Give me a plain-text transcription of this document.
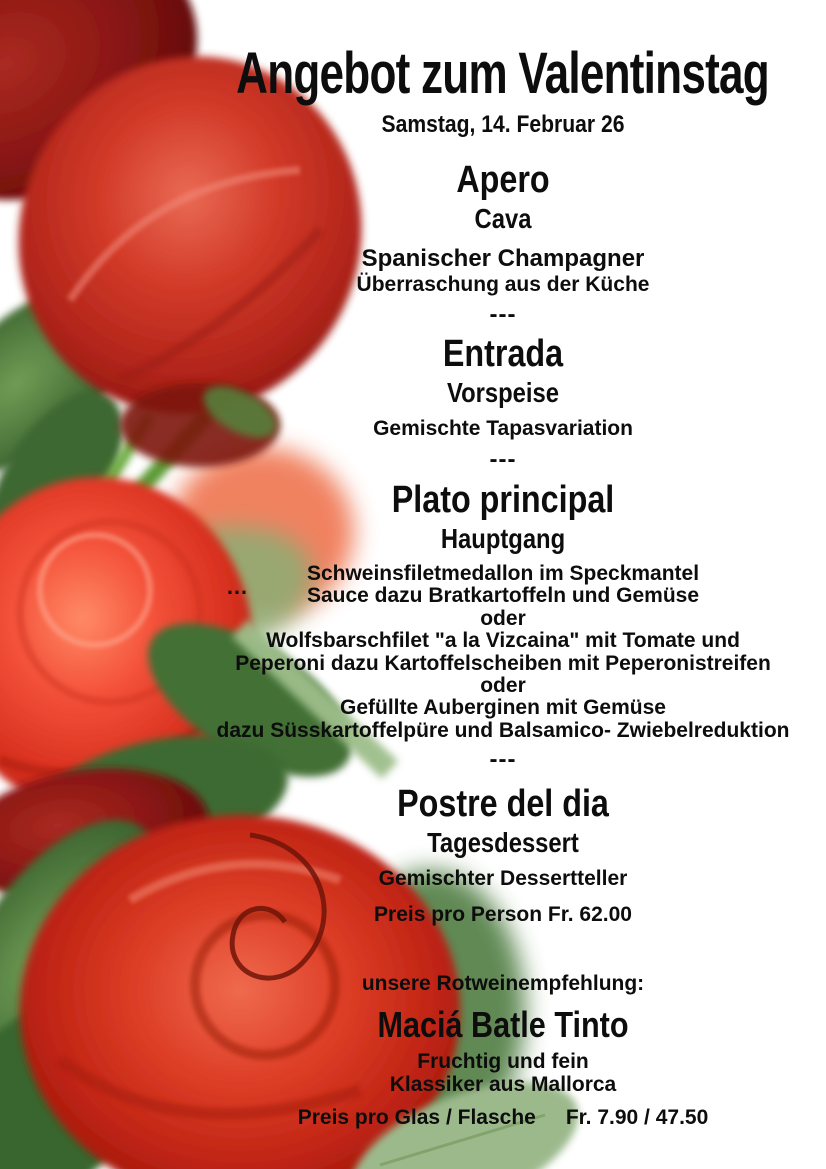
…
Angebot zum Valentinstag
Samstag, 14. Februar 26
Apero
Cava
Spanischer Champagner
Überraschung aus der Küche
---
Entrada
Vorspeise
Gemischte Tapasvariation
---
Plato principal
Hauptgang
Schweinsfiletmedallon im Speckmantel
Sauce dazu Bratkartoffeln und Gemüse
oder
Wolfsbarschfilet "a la Vizcaina" mit Tomate und
Peperoni dazu Kartoffelscheiben mit Peperonistreifen
oder
Gefüllte Auberginen mit Gemüse
dazu Süsskartoffelpüre und Balsamico- Zwiebelreduktion
---
Postre del dia
Tagesdessert
Gemischter Dessertteller
Preis pro Person Fr. 62.00
unsere Rotweinempfehlung:
Maciá Batle Tinto
Fruchtig und fein
Klassiker aus Mallorca
Preis pro Glas / Flasche Fr. 7.90 / 47.50
